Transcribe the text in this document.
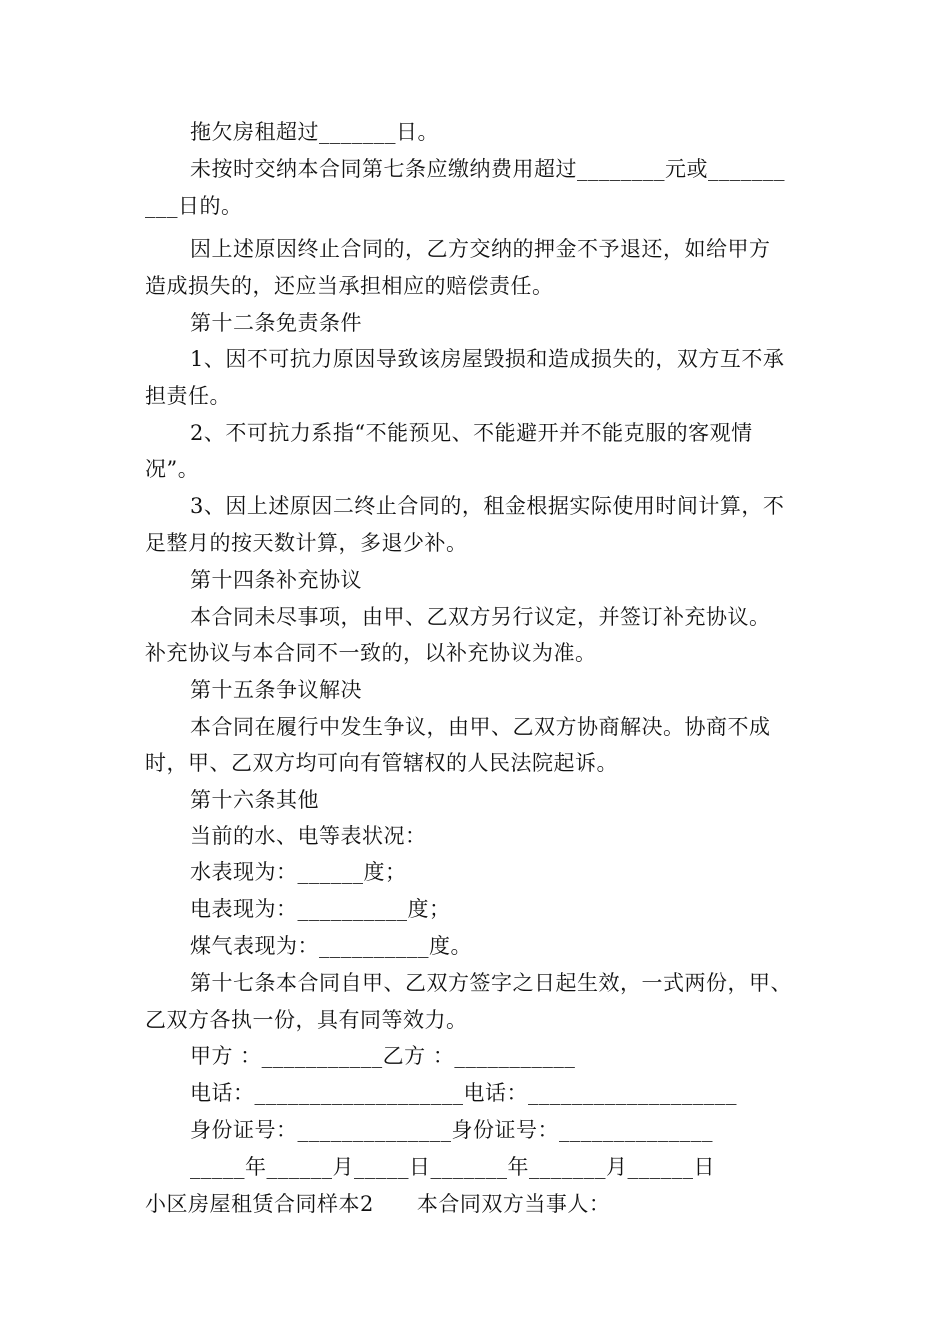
拖欠房租超过_______日。
未按时交纳本合同第七条应缴纳费用超过________元或_______
___日的。
因上述原因终止合同的，乙方交纳的押金不予退还，如给甲方
造成损失的，还应当承担相应的赔偿责任。
第十二条免责条件
1、因不可抗力原因导致该房屋毁损和造成损失的，双方互不承
担责任。
2、不可抗力系指“不能预见、不能避开并不能克服的客观情
况”。
3、因上述原因二终止合同的，租金根据实际使用时间计算，不
足整月的按天数计算，多退少补。
第十四条补充协议
本合同未尽事项，由甲、乙双方另行议定，并签订补充协议。
补充协议与本合同不一致的，以补充协议为准。
第十五条争议解决
本合同在履行中发生争议，由甲、乙双方协商解决。协商不成
时，甲、乙双方均可向有管辖权的人民法院起诉。
第十六条其他
当前的水、电等表状况：
水表现为：______度；
电表现为：__________度；
煤气表现为：__________度。
第十七条本合同自甲、乙双方签字之日起生效，一式两份，甲、
乙双方各执一份，具有同等效力。
甲方 ：___________乙方 ：___________
电话：___________________电话：___________________
身份证号：______________身份证号：______________
_____年______月_____日_______年_______月______日
小区房屋租赁合同样本2　　本合同双方当事人：
